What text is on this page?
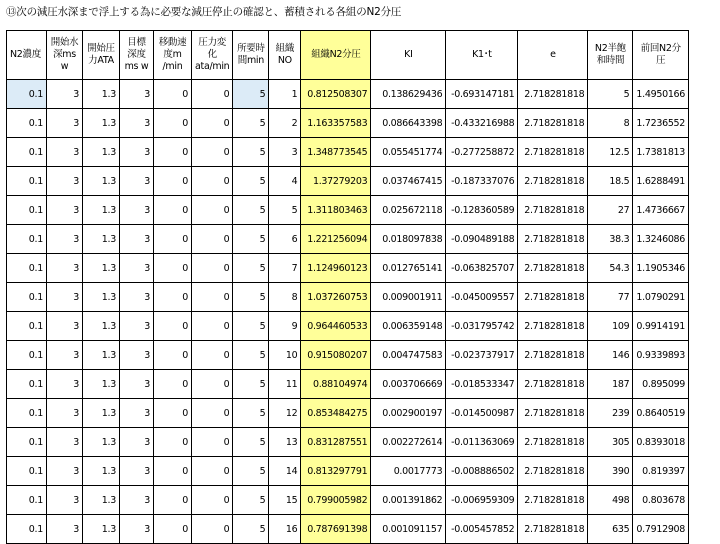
⑬次の減圧水深まで浮上する為に必要な減圧停止の確認と、蓄積される各組のN2分圧
N2濃度	開始水深ms w	開始圧力ATA	目標深度ms w	移動速度m /min	圧力変化 ata/min	所要時間min	組織NO	組織N2分圧	KI	K1･t	e	N2半飽和時間	前回N2分圧
0.1	3	1.3	3	0	0	5	1	0.812508307	0.138629436	-0.693147181	2.718281818	5	1.4950166
0.1	3	1.3	3	0	0	5	2	1.163357583	0.086643398	-0.433216988	2.718281818	8	1.7236552
0.1	3	1.3	3	0	0	5	3	1.348773545	0.055451774	-0.277258872	2.718281818	12.5	1.7381813
0.1	3	1.3	3	0	0	5	4	1.37279203	0.037467415	-0.187337076	2.718281818	18.5	1.6288491
0.1	3	1.3	3	0	0	5	5	1.311803463	0.025672118	-0.128360589	2.718281818	27	1.4736667
0.1	3	1.3	3	0	0	5	6	1.221256094	0.018097838	-0.090489188	2.718281818	38.3	1.3246086
0.1	3	1.3	3	0	0	5	7	1.124960123	0.012765141	-0.063825707	2.718281818	54.3	1.1905346
0.1	3	1.3	3	0	0	5	8	1.037260753	0.009001911	-0.045009557	2.718281818	77	1.0790291
0.1	3	1.3	3	0	0	5	9	0.964460533	0.006359148	-0.031795742	2.718281818	109	0.9914191
0.1	3	1.3	3	0	0	5	10	0.915080207	0.004747583	-0.023737917	2.718281818	146	0.9339893
0.1	3	1.3	3	0	0	5	11	0.88104974	0.003706669	-0.018533347	2.718281818	187	0.895099
0.1	3	1.3	3	0	0	5	12	0.853484275	0.002900197	-0.014500987	2.718281818	239	0.8640519
0.1	3	1.3	3	0	0	5	13	0.831287551	0.002272614	-0.011363069	2.718281818	305	0.8393018
0.1	3	1.3	3	0	0	5	14	0.813297791	0.0017773	-0.008886502	2.718281818	390	0.819397
0.1	3	1.3	3	0	0	5	15	0.799005982	0.001391862	-0.006959309	2.718281818	498	0.803678
0.1	3	1.3	3	0	0	5	16	0.787691398	0.001091157	-0.005457852	2.718281818	635	0.7912908
